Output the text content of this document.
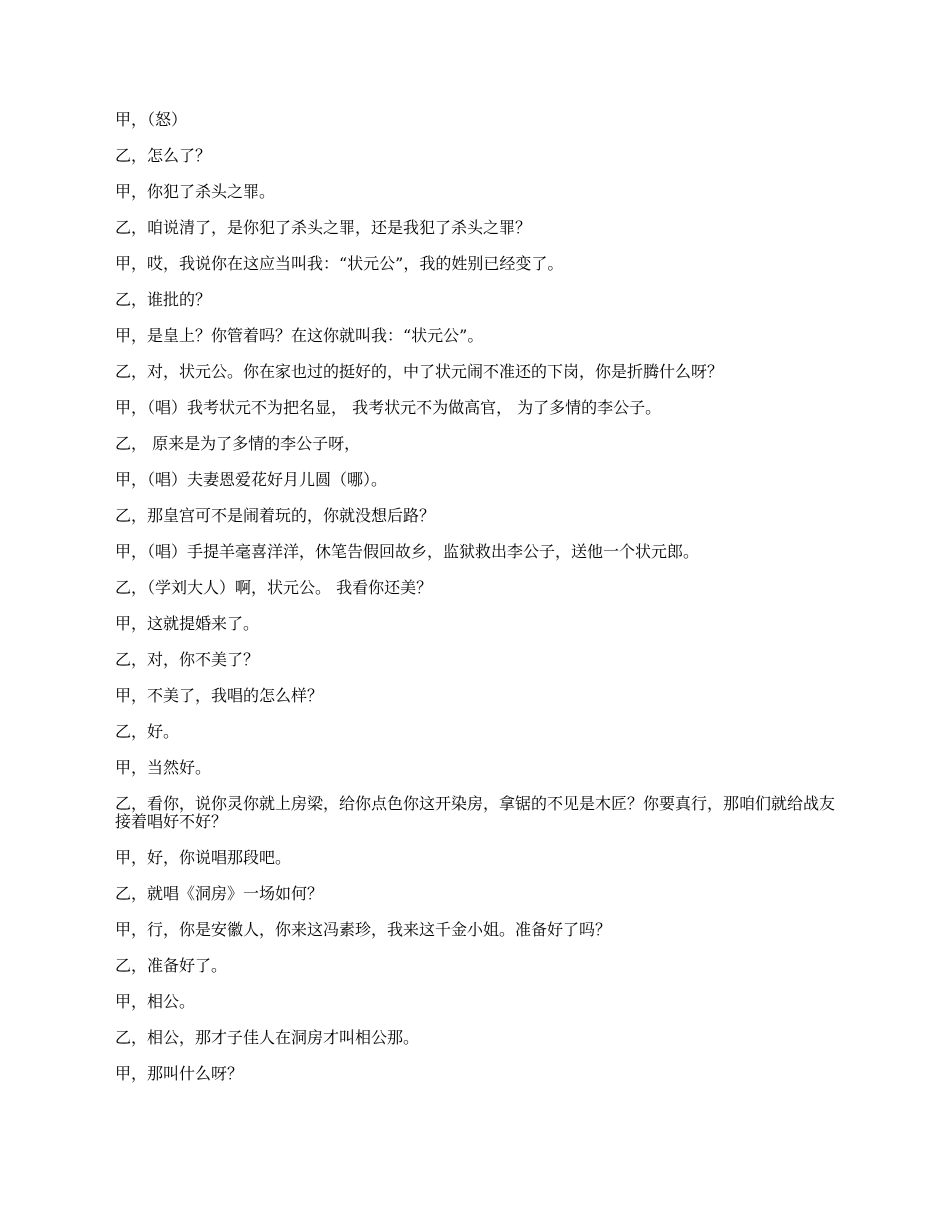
甲，（怒）

乙，怎么了？

甲，你犯了杀头之罪。

乙，咱说清了，是你犯了杀头之罪，还是我犯了杀头之罪？

甲，哎，我说你在这应当叫我：“状元公”，我的姓别已经变了。

乙，谁批的？

甲，是皇上？你管着吗？在这你就叫我：“状元公”。

乙，对，状元公。你在家也过的挺好的，中了状元闹不准还的下岗，你是折腾什么呀？

甲，（唱）我考状元不为把名显， 我考状元不为做高官， 为了多情的李公子。

乙， 原来是为了多情的李公子呀，

甲，（唱）夫妻恩爱花好月儿圆（哪）。

乙，那皇宫可不是闹着玩的，你就没想后路？

甲，（唱）手提羊毫喜洋洋，休笔告假回故乡，监狱救出李公子，送他一个状元郎。

乙，（学刘大人）啊，状元公。 我看你还美？

甲，这就提婚来了。

乙，对，你不美了？

甲，不美了，我唱的怎么样？

乙，好。

甲，当然好。

乙，看你，说你灵你就上房梁，给你点色你这开染房，拿锯的不见是木匠？你要真行，那咱们就给战友接着唱好不好？

甲，好，你说唱那段吧。

乙，就唱《洞房》一场如何？

甲，行，你是安徽人，你来这冯素珍，我来这千金小姐。准备好了吗？

乙，准备好了。

甲，相公。

乙，相公，那才子佳人在洞房才叫相公那。

甲，那叫什么呀？
